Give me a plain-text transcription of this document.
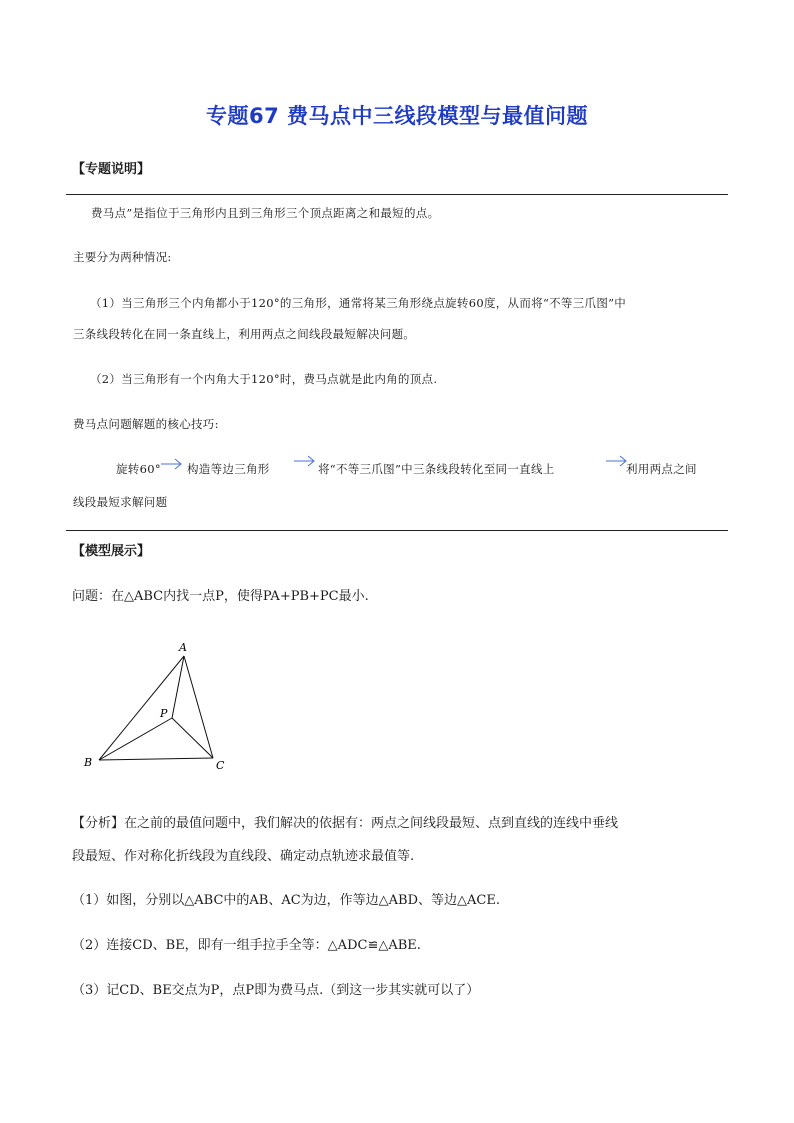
专题67 费马点中三线段模型与最值问题
【专题说明】
费马点”是指位于三角形内且到三角形三个顶点距离之和最短的点。
主要分为两种情况:
（1）当三角形三个内角都小于120°的三角形，通常将某三角形绕点旋转60度，从而将“不等三爪图”中
三条线段转化在同一条直线上，利用两点之间线段最短解决问题。
（2）当三角形有一个内角大于120°时，费马点就是此内角的顶点.
费马点问题解题的核心技巧:
旋转60° 构造等边三角形	将“不等三爪图”中三条线段转化至同一直线上	利用两点之间
线段最短求解问题
【模型展示】
问题：在△ABC内找一点P，使得PA+PB+PC最小.
A
P
B	C
【分析】在之前的最值问题中，我们解决的依据有：两点之间线段最短、点到直线的连线中垂线
段最短、作对称化折线段为直线段、确定动点轨迹求最值等.
（1）如图，分别以△ABC中的AB、AC为边，作等边△ABD、等边△ACE.
（2）连接CD、BE，即有一组手拉手全等：△ADC≌△ABE.
（3）记CD、BE交点为P，点P即为费马点.（到这一步其实就可以了）
